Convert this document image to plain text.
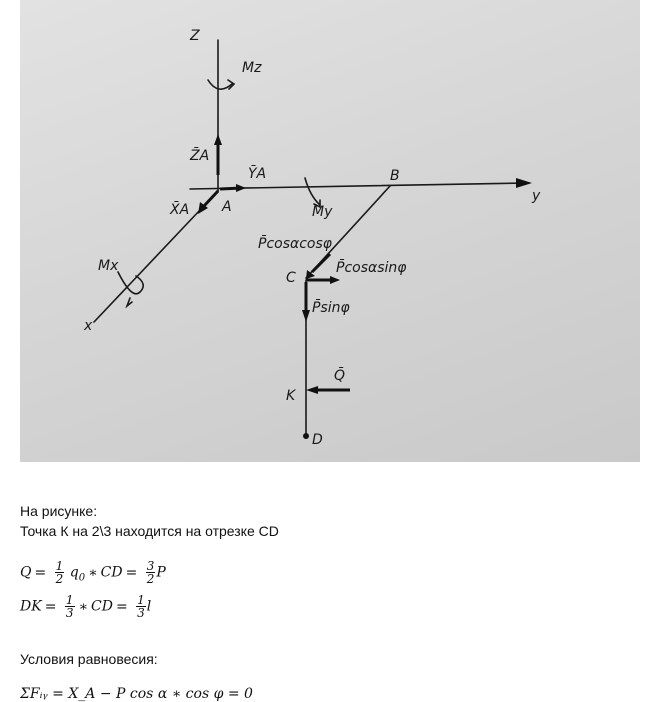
Z
Mz
Z̄A
ȲA
X̄A A
B
y
My
Mx
x
P̄cosαcosφ
C
P̄cosαsinφ
P̄sinφ
Q̄
K
D
На рисунке:
Точка К на 2\3 находится на отрезке CD
$Q = \frac{1}{2} q_0$ ∗ CD = $\frac{3}{2}$ P
DK = $\frac{1}{3}$ ∗ CD = $\frac{1}{3}$ l
Условия равновесия:
ΣFᵢᵧ = X_A − P cos α ∗ cos φ = 0
